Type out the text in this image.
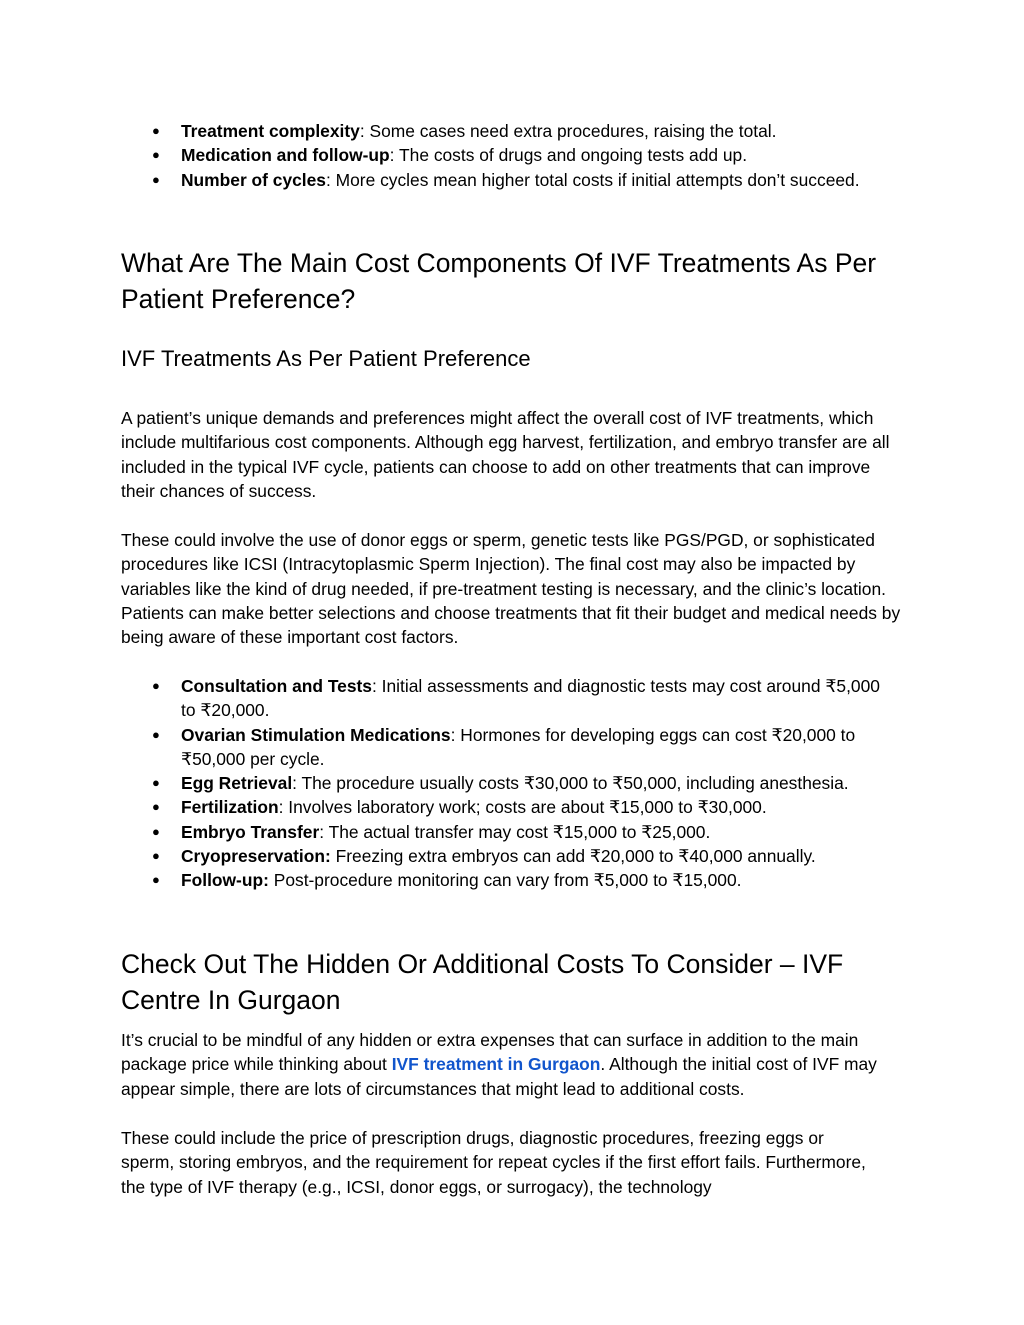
● Treatment complexity: Some cases need extra procedures, raising the total.
● Medication and follow-up: The costs of drugs and ongoing tests add up.
● Number of cycles: More cycles mean higher total costs if initial attempts don’t succeed.
What Are The Main Cost Components Of IVF Treatments As Per Patient Preference?
IVF Treatments As Per Patient Preference

A patient’s unique demands and preferences might affect the overall cost of IVF treatments, which include multifarious cost components. Although egg harvest, fertilization, and embryo transfer are all included in the typical IVF cycle, patients can choose to add on other treatments that can improve their chances of success.

These could involve the use of donor eggs or sperm, genetic tests like PGS/PGD, or sophisticated procedures like ICSI (Intracytoplasmic Sperm Injection). The final cost may also be impacted by variables like the kind of drug needed, if pre-treatment testing is necessary, and the clinic’s location. Patients can make better selections and choose treatments that fit their budget and medical needs by being aware of these important cost factors.

● Consultation and Tests: Initial assessments and diagnostic tests may cost around ₹5,000 to ₹20,000.
● Ovarian Stimulation Medications: Hormones for developing eggs can cost ₹20,000 to ₹50,000 per cycle.
● Egg Retrieval: The procedure usually costs ₹30,000 to ₹50,000, including anesthesia.
● Fertilization: Involves laboratory work; costs are about ₹15,000 to ₹30,000.
● Embryo Transfer: The actual transfer may cost ₹15,000 to ₹25,000.
● Cryopreservation: Freezing extra embryos can add ₹20,000 to ₹40,000 annually.
● Follow-up: Post-procedure monitoring can vary from ₹5,000 to ₹15,000.
Check Out The Hidden Or Additional Costs To Consider – IVF Centre In Gurgaon

It’s crucial to be mindful of any hidden or extra expenses that can surface in addition to the main package price while thinking about IVF treatment in Gurgaon. Although the initial cost of IVF may appear simple, there are lots of circumstances that might lead to additional costs.

These could include the price of prescription drugs, diagnostic procedures, freezing eggs or sperm, storing embryos, and the requirement for repeat cycles if the first effort fails. Furthermore, the type of IVF therapy (e.g., ICSI, donor eggs, or surrogacy), the technology
